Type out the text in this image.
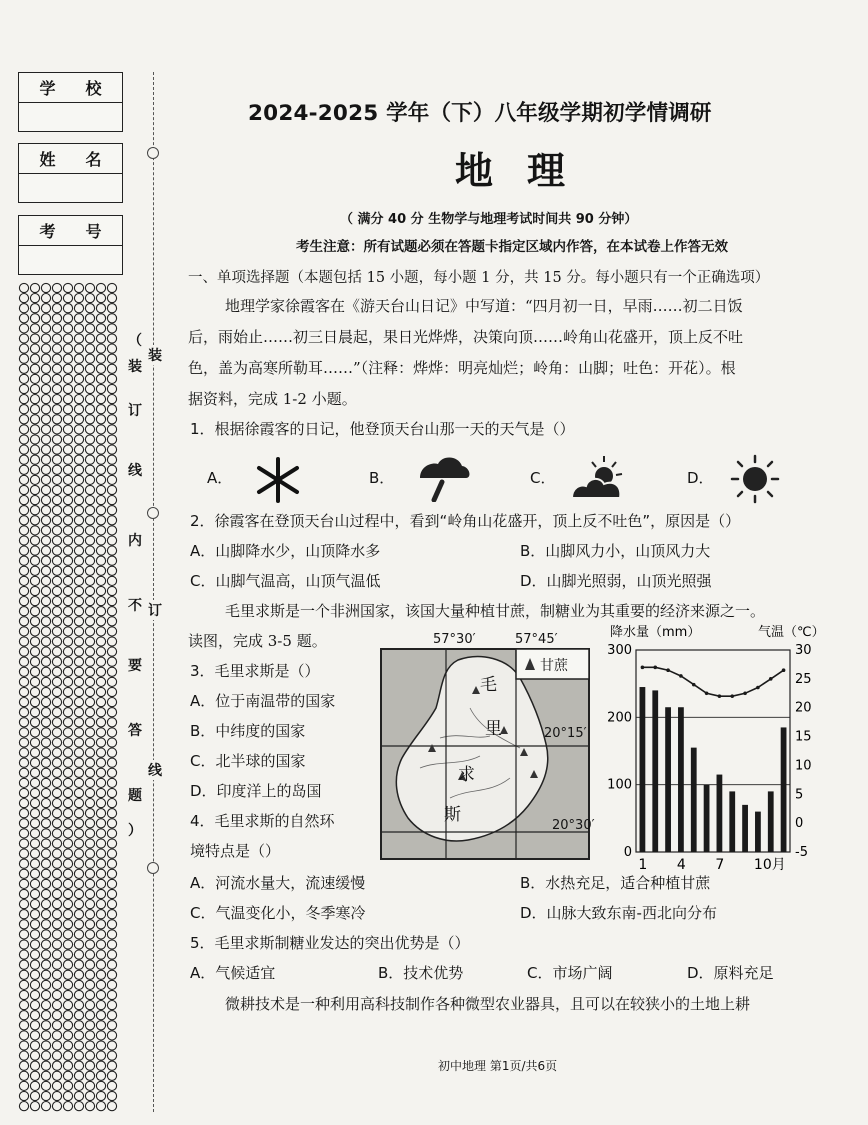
学 校
姓 名
考 号
（
装
订
线
内
不
要
答
题
）
装
订
线
2024-2025 学年（下）八年级学期初学情调研
地理
（ 满分 40 分 生物学与地理考试时间共 90 分钟）
考生注意：所有试题必须在答题卡指定区域内作答，在本试卷上作答无效
一、单项选择题（本题包括 15 小题，每小题 1 分，共 15 分。每小题只有一个正确选项）
地理学家徐霞客在《游天台山日记》中写道：“四月初一日，早雨……初二日饭
后，雨始止……初三日晨起，果日光烨烨，决策向顶……岭角山花盛开，顶上反不吐
色，盖为高寒所勒耳……”（注释：烨烨：明亮灿烂；岭角：山脚；吐色：开花）。根
据资料，完成 1-2 小题。
1．根据徐霞客的日记，他登顶天台山那一天的天气是（）
A．	B．	C．	D．
2．徐霞客在登顶天台山过程中，看到“岭角山花盛开，顶上反不吐色”，原因是（）
A．山脚降水少，山顶降水多	B．山脚风力小，山顶风力大
C．山脚气温高，山顶气温低	D．山脚光照弱，山顶光照强
毛里求斯是一个非洲国家，该国大量种植甘蔗，制糖业为其重要的经济来源之一。
读图，完成 3-5 题。
3．毛里求斯是（）
A．位于南温带的国家
B．中纬度的国家
C．北半球的国家
D．印度洋上的岛国
4．毛里求斯的自然环
境特点是（）
A．河流水量大，流速缓慢	B．水热充足，适合种植甘蔗
C．气温变化小，冬季寒冷	D．山脉大致东南-西北向分布
5．毛里求斯制糖业发达的突出优势是（）
A．气候适宜	B．技术优势	C．市场广阔	D．原料充足
微耕技术是一种利用高科技制作各种微型农业器具，且可以在较狭小的土地上耕
57°30′	57°45′
甘蔗
毛
里
求
斯
20°15′
20°30′
降水量（mm）	气温（℃）
0
100
200
300
-5
0
5
10
15
20
25
30
1 4 7 10月
初中地理 第1页/共6页
